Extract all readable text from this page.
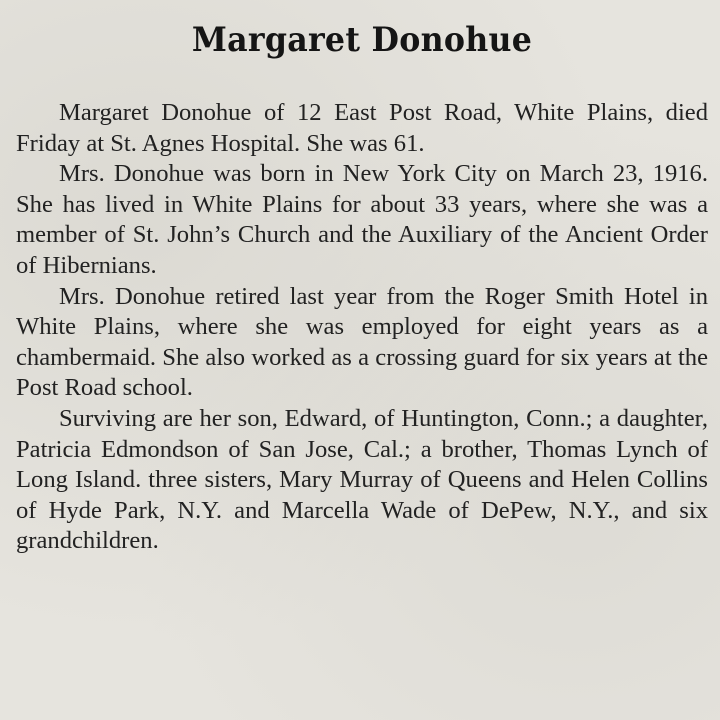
Margaret Donohue

Margaret Donohue of 12 East Post Road, White Plains, died Friday at St. Agnes Hospital. She was 61.

Mrs. Donohue was born in New York City on March 23, 1916. She has lived in White Plains for about 33 years, where she was a member of St. John’s Church and the Auxiliary of the Ancient Order of Hibernians.

Mrs. Donohue retired last year from the Roger Smith Hotel in White Plains, where she was employed for eight years as a chambermaid. She also worked as a crossing guard for six years at the Post Road school.

Surviving are her son, Edward, of Huntington, Conn.; a daughter, Patricia Edmondson of San Jose, Cal.; a brother, Thomas Lynch of Long Island. three sisters, Mary Murray of Queens and Helen Collins of Hyde Park, N.Y. and Marcella Wade of DePew, N.Y., and six grandchildren.
